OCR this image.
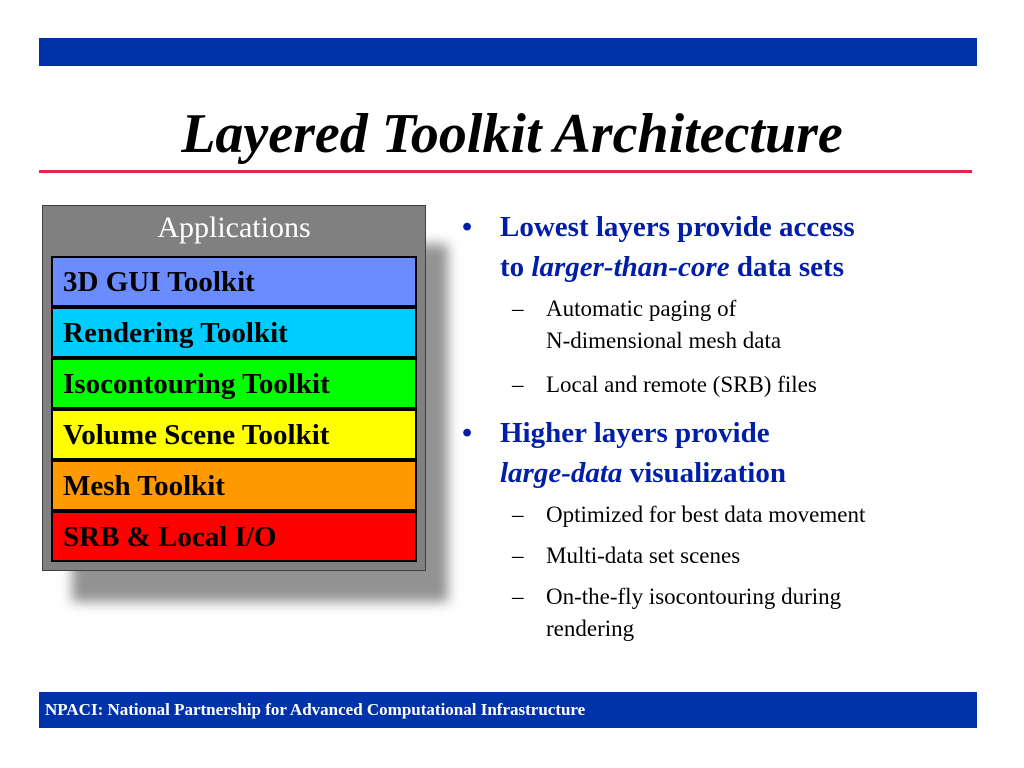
Layered Toolkit Architecture
Applications
3D GUI Toolkit
Rendering Toolkit
Isocontouring Toolkit
Volume Scene Toolkit
Mesh Toolkit
SRB & Local I/O
• Lowest layers provide access
to larger-than-core data sets
– Automatic paging of
N-dimensional mesh data
– Local and remote (SRB) files
• Higher layers provide
large-data visualization
– Optimized for best data movement
– Multi-data set scenes
– On-the-fly isocontouring during
rendering
NPACI: National Partnership for Advanced Computational Infrastructure
